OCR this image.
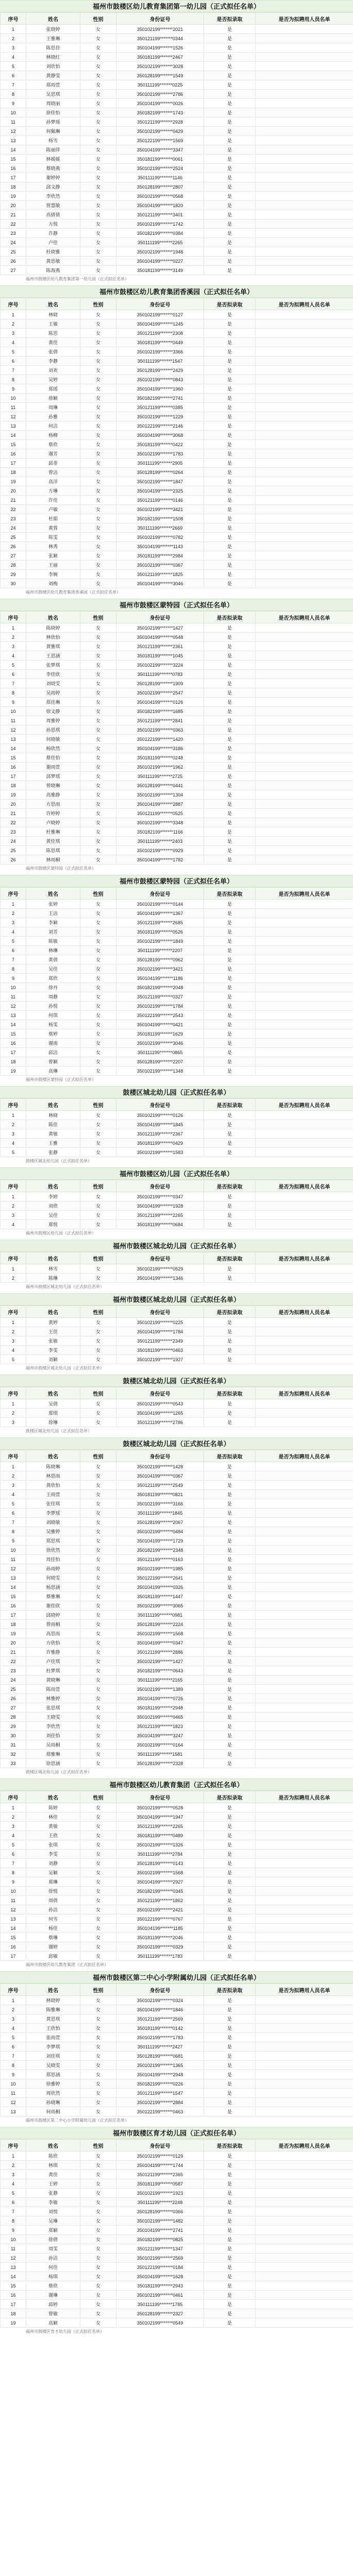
福州市鼓楼区幼儿教育集团第一幼儿园（正式拟任名单）
序号	姓名	性别	身份证号	是否拟录取	是否为拟聘用人员名单
1	张晓婷	女	350102199*******2021	是	
2	王雅琳	女	350121199*******0344	是	
3	陈思佳	女	350104199*******1526	是	
4	林晓红	女	350181199*******2467	是	
5	刘欣怡	女	350102199*******3028	是	
6	黄静雯	女	350128199*******1549	是	
7	郑雨萱	女	350111199*******0225	是	
8	吴思琪	女	350102199*******2786	是	
9	周晓丽	女	350104199*******0026	是	
10	徐佳怡	女	350182199*******1743	是	
11	孙梦瑶	女	350121199*******2928	是	
12	何佩琳	女	350102199*******0429	是	
13	杨雪	女	350122199*******1569	是	
14	陈丽萍	女	350104199*******3347	是	
15	林媛媛	女	350181199*******0061	是	
16	蔡晓燕	女	350102199*******2524	是	
17	谢婷婷	女	350111199*******1146	是	
18	邱文静	女	350128199*******2807	是	
19	李欣然	女	350102199*******0568	是	
20	曾慧敏	女	350104199*******1820	是	
21	高倩倩	女	350121199*******3401	是	
22	方悦	女	350102199*******1742	是	
23	许静	女	350182199*******0384	是	
24	卢佳	女	350111199*******2265	是	
25	杜晓雅	女	350102199*******1948	是	
26	黄思敏	女	350104199*******0227	是	
27	陈海燕	女	350181199*******3149	是	
福州市鼓楼区幼儿教育集团第一幼儿园（正式拟任名单）
福州市鼓楼区幼儿教育集团香溪园（正式拟任名单）
序号	姓名	性别	身份证号	是否拟录取	是否为拟聘用人员名单
1	林晓	女	350102199*******0127	是	
2	王敏	女	350104199*******1245	是	
3	陈思	女	350121199*******2308	是	
4	黄佳	女	350181199*******0449	是	
5	张倩	女	350102199*******3366	是	
6	李静	女	350111199*******1547	是	
7	刘欢	女	350128199*******2429	是	
8	吴婷	女	350102199*******0843	是	
9	郑瑶	女	350104199*******1960	是	
10	徐颖	女	350182199*******2741	是	
11	周琳	女	350121199*******0385	是	
12	孙雅	女	350102199*******1229	是	
13	何洁	女	350122199*******2146	是	
14	杨柳	女	350104199*******3068	是	
15	蔡欣	女	350181199*******0422	是	
16	谢芳	女	350102199*******1783	是	
17	邱菲	女	350111199*******2905	是	
18	曾洁	女	350128199*******0264	是	
19	高洋	女	350102199*******1847	是	
20	方琳	女	350104199*******2325	是	
21	许佳	女	350121199*******0146	是	
22	卢敏	女	350102199*******3421	是	
23	杜娟	女	350182199*******1508	是	
24	黄蓉	女	350111199*******2669	是	
25	陈雯	女	350102199*******0782	是	
26	林秀	女	350104199*******1143	是	
27	张颖	女	350181199*******2984	是	
28	王丽	女	350102199*******0367	是	
29	李婉	女	350121199*******1825	是	
30	刘梅	女	350104199*******3046	是	
福州市鼓楼区幼儿教育集团香溪园（正式拟任名单）
福州市鼓楼区蒙特园（正式拟任名单）
序号	姓名	性别	身份证号	是否拟录取	是否为拟聘用人员名单
1	陈晓婷	女	350102199*******1427	是	
2	林欣怡	女	350104199*******0548	是	
3	黄雅琪	女	350121199*******2361	是	
4	王思涵	女	350181199*******1045	是	
5	张梦琪	女	350102199*******3224	是	
6	李佳欣	女	350111199*******0783	是	
7	刘晓雯	女	350128199*******1909	是	
8	吴雨婷	女	350102199*******2547	是	
9	郑佳琳	女	350104199*******0126	是	
10	徐文静	女	350182199*******1685	是	
11	周雅婷	女	350121199*******2841	是	
12	孙思琪	女	350102199*******0363	是	
13	何晓敏	女	350122199*******1420	是	
14	杨欣然	女	350104199*******3186	是	
15	蔡佳怡	女	350181199*******0248	是	
16	谢雨萱	女	350102199*******1962	是	
17	邱梦瑶	女	350111199*******2725	是	
18	曾晓琳	女	350128199*******0441	是	
19	高雅静	女	350102199*******1304	是	
20	方思雨	女	350104199*******2887	是	
21	许婷婷	女	350121199*******0525	是	
22	卢晓婷	女	350102199*******3348	是	
23	杜雅琳	女	350182199*******1166	是	
24	黄佳琪	女	350111199*******2403	是	
25	陈思琪	女	350102199*******0929	是	
26	林雨桐	女	350104199*******1782	是	
福州市鼓楼区蒙特园（正式拟任名单）
福州市鼓楼区蒙特园（正式拟任名单）
序号	姓名	性别	身份证号	是否拟录取	是否为拟聘用人员名单
1	张婷	女	350102199*******0144	是	
2	王洁	女	350104199*******1367	是	
3	李颖	女	350121199*******2685	是	
4	刘芳	女	350181199*******0526	是	
5	陈敏	女	350102199*******1849	是	
6	林琳	女	350111199*******2207	是	
7	黄倩	女	350128199*******0962	是	
8	吴佳	女	350102199*******3421	是	
9	郑欣	女	350104199*******1186	是	
10	徐丹	女	350182199*******2048	是	
11	周静	女	350121199*******0327	是	
12	孙悦	女	350102199*******1784	是	
13	何琪	女	350122199*******2543	是	
14	杨雯	女	350104199*******0421	是	
15	蔡婷	女	350181199*******1629	是	
16	谢雨	女	350102199*******3046	是	
17	邱洁	女	350111199*******0865	是	
18	曾颖	女	350128199*******2207	是	
19	高琳	女	350102199*******1348	是	
福州市鼓楼区蒙特园（正式拟任名单）
鼓楼区城北幼儿园（正式拟任名单）
序号	姓名	性别	身份证号	是否拟录取	是否为拟聘用人员名单
1	林晓	女	350102199*******0126	是	
2	陈佳	女	350104199*******1845	是	
3	黄敏	女	350121199*******2367	是	
4	王雅	女	350181199*******0429	是	
5	张静	女	350102199*******1583	是	
鼓楼区城北幼儿园（正式拟任名单）
福州市鼓楼区幼儿园（正式拟任名单）
序号	姓名	性别	身份证号	是否拟录取	是否为拟聘用人员名单
1	李婷	女	350102199*******0347	是	
2	刘欣	女	350104199*******1928	是	
3	吴佳	女	350121199*******2265	是	
4	郑悦	女	350181199*******0684	是	
福州市鼓楼区幼儿园（正式拟任名单）
福州市鼓楼区城北幼儿园（正式拟任名单）
序号	姓名	性别	身份证号	是否拟录取	是否为拟聘用人员名单
1	林雪	女	350102199*******0529	是	
2	陈琳	女	350104199*******1346	是	
福州市鼓楼区城北幼儿园（正式拟任名单）
福州市鼓楼区城北幼儿园（正式拟任名单）
序号	姓名	性别	身份证号	是否拟录取	是否为拟聘用人员名单
1	黄婷	女	350102199*******0225	是	
2	王佳	女	350104199*******1784	是	
3	张敏	女	350121199*******2349	是	
4	李雯	女	350181199*******0463	是	
5	刘颖	女	350102199*******1927	是	
福州市鼓楼区城北幼儿园（正式拟任名单）
鼓楼区城北幼儿园（正式拟任名单）
序号	姓名	性别	身份证号	是否拟录取	是否为拟聘用人员名单
1	吴倩	女	350102199*******0543	是	
2	郑琪	女	350104199*******1265	是	
3	徐琳	女	350121199*******2786	是	
鼓楼区城北幼儿园（正式拟任名单）
鼓楼区城北幼儿园（正式拟任名单）
序号	姓名	性别	身份证号	是否拟录取	是否为拟聘用人员名单
1	陈晓琳	女	350102199*******1428	是	
2	林思雨	女	350104199*******0367	是	
3	黄欣怡	女	350121199*******2549	是	
4	王雨萱	女	350181199*******0821	是	
5	张佳琪	女	350102199*******3166	是	
6	李梦瑶	女	350111199*******1845	是	
7	刘晓敏	女	350128199*******2067	是	
8	吴雅婷	女	350102199*******0484	是	
9	郑思琪	女	350104199*******1729	是	
10	徐欣然	女	350182199*******2348	是	
11	周佳怡	女	350121199*******0163	是	
12	孙雨婷	女	350102199*******1985	是	
13	何晓雯	女	350122199*******2641	是	
14	杨思涵	女	350104199*******0326	是	
15	蔡雅琳	女	350181199*******1447	是	
16	谢佳欣	女	350102199*******3065	是	
17	邱晓婷	女	350111199*******0981	是	
18	曾雨桐	女	350128199*******2224	是	
19	高思雨	女	350102199*******1568	是	
20	方欣怡	女	350104199*******0347	是	
21	许雅静	女	350121199*******2886	是	
22	卢佳琪	女	350102199*******1427	是	
23	杜梦琪	女	350182199*******0643	是	
24	黄晓琳	女	350111199*******2165	是	
25	陈雨萱	女	350102199*******1389	是	
26	林雅婷	女	350104199*******0726	是	
27	张思琪	女	350181199*******2948	是	
28	王晓雯	女	350102199*******0465	是	
29	李欣然	女	350121199*******1823	是	
30	刘佳怡	女	350104199*******3247	是	
31	吴雨桐	女	350102199*******0164	是	
32	郑雅琳	女	350111199*******1581	是	
33	徐思涵	女	350128199*******2328	是	
鼓楼区城北幼儿园（正式拟任名单）
福州市鼓楼区幼儿教育集团（正式拟任名单）
序号	姓名	性别	身份证号	是否拟录取	是否为拟聘用人员名单
1	陈婷	女	350102199*******0528	是	
2	林佳	女	350104199*******1947	是	
3	黄敏	女	350121199*******2265	是	
4	王欣	女	350181199*******0489	是	
5	张琪	女	350102199*******1326	是	
6	李雯	女	350111199*******2784	是	
7	刘静	女	350128199*******0143	是	
8	吴颖	女	350102199*******1568	是	
9	郑琳	女	350104199*******2927	是	
10	徐悦	女	350182199*******0345	是	
11	周倩	女	350121199*******1862	是	
12	孙洁	女	350102199*******2421	是	
13	何雪	女	350122199*******0767	是	
14	杨佳	女	350104199*******1185	是	
15	蔡琳	女	350181199*******2046	是	
16	谢婷	女	350102199*******0329	是	
17	邱敏	女	350111199*******1783	是	
福州市鼓楼区幼儿教育集团（正式拟任名单）
福州市鼓楼区第二中心小学附属幼儿园（正式拟任名单）
序号	姓名	性别	身份证号	是否拟录取	是否为拟聘用人员名单
1	林晓婷	女	350102199*******0324	是	
2	陈雅琳	女	350104199*******1846	是	
3	黄思琪	女	350121199*******2569	是	
4	王欣怡	女	350181199*******0142	是	
5	张雨萱	女	350102199*******1783	是	
6	李梦琪	女	350111199*******2427	是	
7	刘佳琪	女	350128199*******0681	是	
8	吴晓雯	女	350102199*******1365	是	
9	郑思涵	女	350104199*******2948	是	
10	徐雅婷	女	350182199*******0226	是	
11	周欣然	女	350121199*******1547	是	
12	孙晓琳	女	350102199*******2884	是	
13	何雨桐	女	350122199*******0463	是	
福州市鼓楼区第二中心小学附属幼儿园（正式拟任名单）
福州市鼓楼区育才幼儿园（正式拟任名单）
序号	姓名	性别	身份证号	是否拟录取	是否为拟聘用人员名单
1	陈欣	女	350102199*******0129	是	
2	林琪	女	350104199*******1744	是	
3	黄佳	女	350121199*******2365	是	
4	王婷	女	350181199*******0587	是	
5	张静	女	350102199*******1923	是	
6	李敏	女	350111199*******2248	是	
7	刘悦	女	350128199*******0366	是	
8	吴琳	女	350102199*******1482	是	
9	郑颖	女	350104199*******2741	是	
10	徐倩	女	350182199*******0825	是	
11	周雯	女	350121199*******1347	是	
12	孙洁	女	350102199*******2569	是	
13	何佳	女	350122199*******0184	是	
14	杨琪	女	350104199*******1628	是	
15	蔡欣	女	350181199*******2943	是	
16	谢琳	女	350102199*******0461	是	
17	邱婷	女	350111199*******1785	是	
18	曾敏	女	350128199*******2327	是	
19	高颖	女	350102199*******0549	是	
福州市鼓楼区育才幼儿园（正式拟任名单）
